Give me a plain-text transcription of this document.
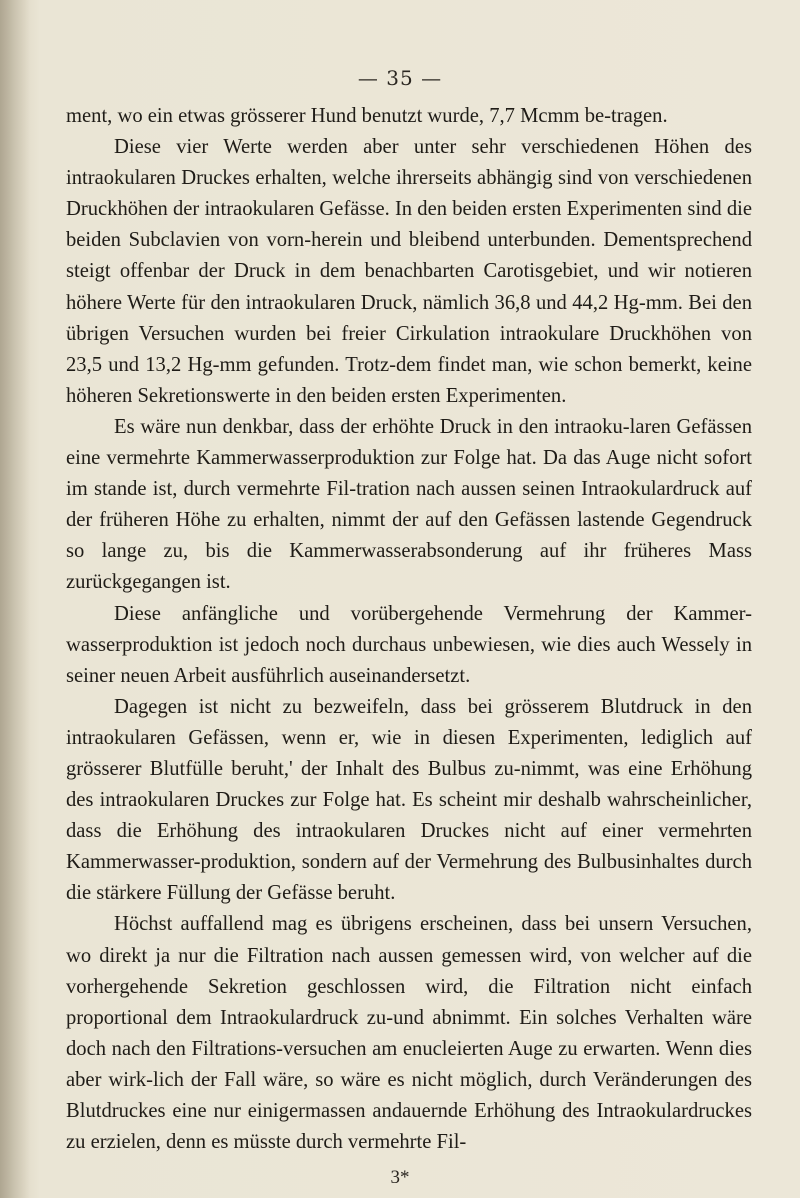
— 35 —

ment, wo ein etwas grösserer Hund benutzt wurde, 7,7 Mcmm be-tragen.

Diese vier Werte werden aber unter sehr verschiedenen Höhen des intraokularen Druckes erhalten, welche ihrerseits abhängig sind von verschiedenen Druckhöhen der intraokularen Gefässe. In den beiden ersten Experimenten sind die beiden Subclavien von vorn-herein und bleibend unterbunden. Dementsprechend steigt offenbar der Druck in dem benachbarten Carotisgebiet, und wir notieren höhere Werte für den intraokularen Druck, nämlich 36,8 und 44,2 Hg-mm. Bei den übrigen Versuchen wurden bei freier Cirkulation intraokulare Druckhöhen von 23,5 und 13,2 Hg-mm gefunden. Trotz-dem findet man, wie schon bemerkt, keine höheren Sekretionswerte in den beiden ersten Experimenten.

Es wäre nun denkbar, dass der erhöhte Druck in den intraoku-laren Gefässen eine vermehrte Kammerwasserproduktion zur Folge hat. Da das Auge nicht sofort im stande ist, durch vermehrte Fil-tration nach aussen seinen Intraokulardruck auf der früheren Höhe zu erhalten, nimmt der auf den Gefässen lastende Gegendruck so lange zu, bis die Kammerwasserabsonderung auf ihr früheres Mass zurückgegangen ist.

Diese anfängliche und vorübergehende Vermehrung der Kammer-wasserproduktion ist jedoch noch durchaus unbewiesen, wie dies auch Wessely in seiner neuen Arbeit ausführlich auseinandersetzt.

Dagegen ist nicht zu bezweifeln, dass bei grösserem Blutdruck in den intraokularen Gefässen, wenn er, wie in diesen Experimenten, lediglich auf grösserer Blutfülle beruht,' der Inhalt des Bulbus zu-nimmt, was eine Erhöhung des intraokularen Druckes zur Folge hat. Es scheint mir deshalb wahrscheinlicher, dass die Erhöhung des intraokularen Druckes nicht auf einer vermehrten Kammerwasser-produktion, sondern auf der Vermehrung des Bulbusinhaltes durch die stärkere Füllung der Gefässe beruht.

Höchst auffallend mag es übrigens erscheinen, dass bei unsern Versuchen, wo direkt ja nur die Filtration nach aussen gemessen wird, von welcher auf die vorhergehende Sekretion geschlossen wird, die Filtration nicht einfach proportional dem Intraokulardruck zu-und abnimmt. Ein solches Verhalten wäre doch nach den Filtrations-versuchen am enucleierten Auge zu erwarten. Wenn dies aber wirk-lich der Fall wäre, so wäre es nicht möglich, durch Veränderungen des Blutdruckes eine nur einigermassen andauernde Erhöhung des Intraokulardruckes zu erzielen, denn es müsste durch vermehrte Fil-

3*
